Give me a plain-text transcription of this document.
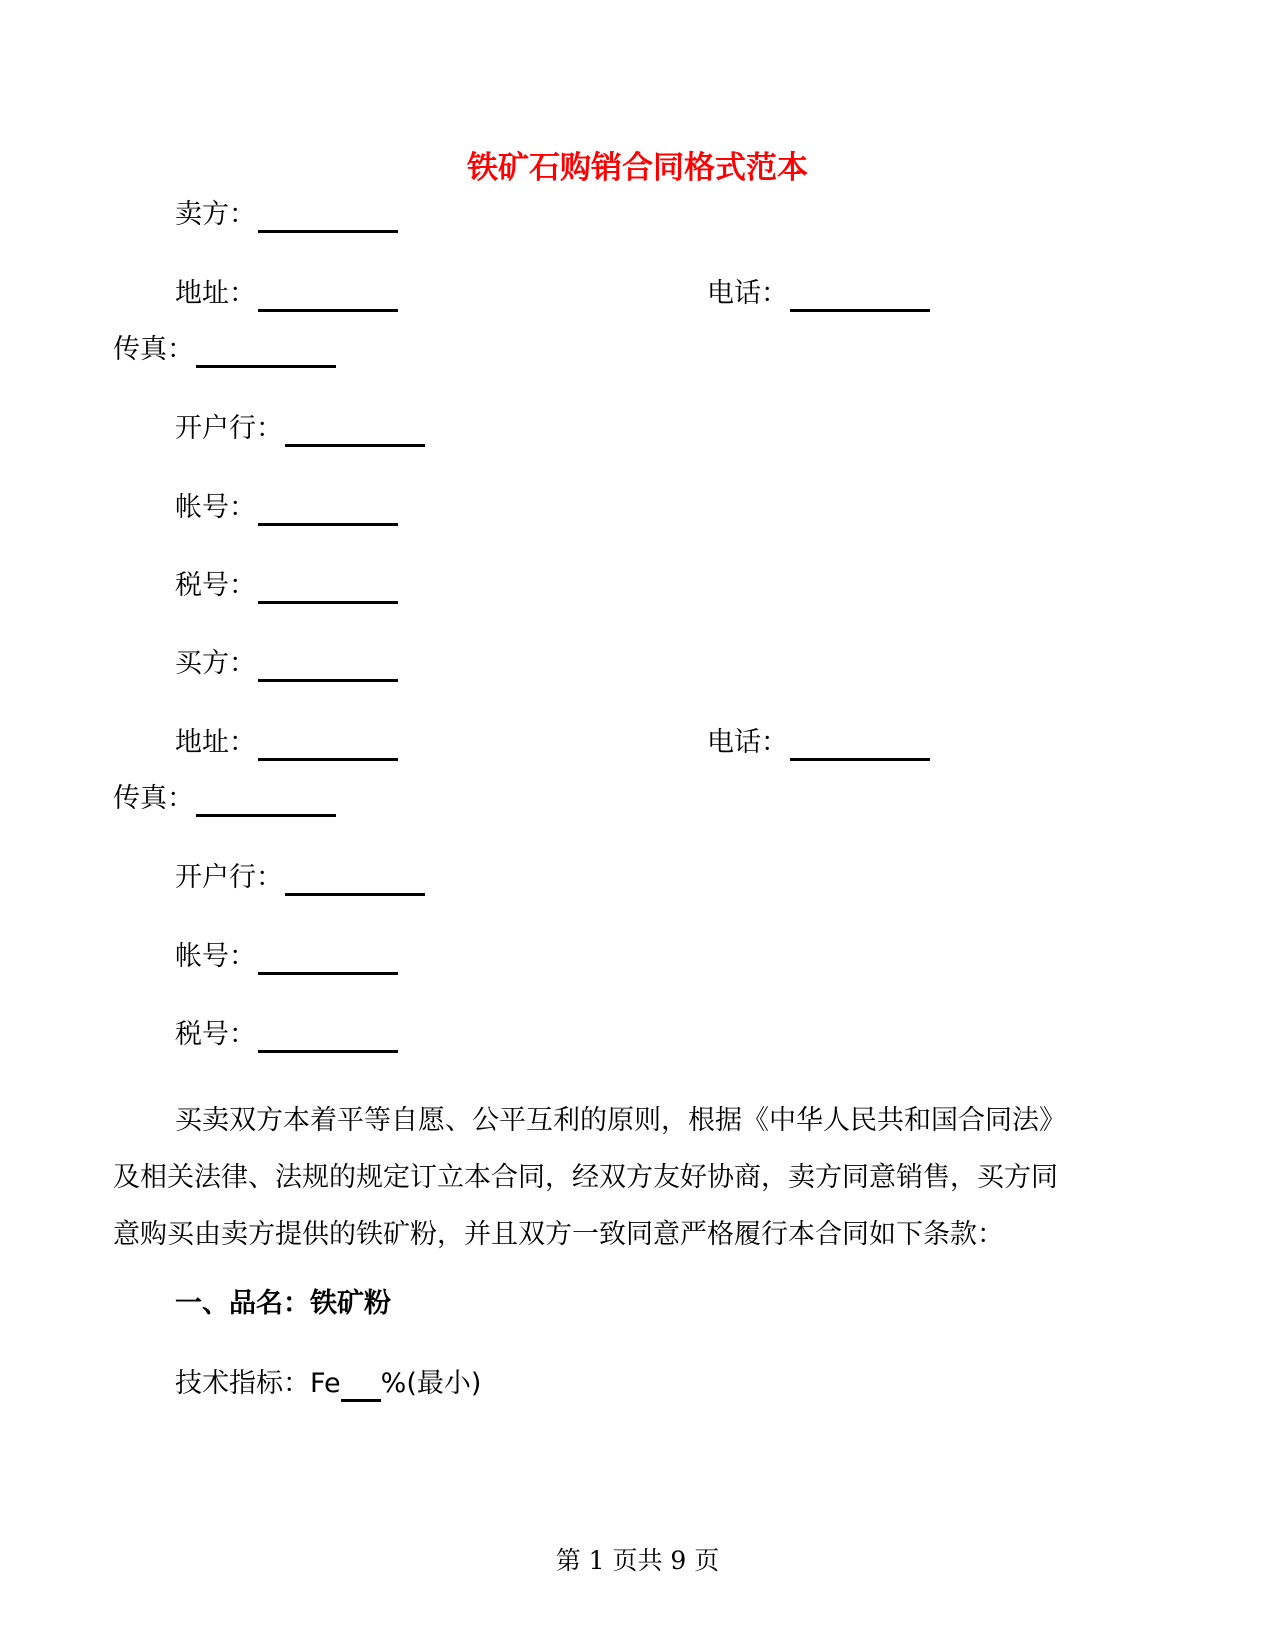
铁矿石购销合同格式范本
卖方：
地址：	电话：
传真：
开户行：
帐号：
税号：
买方：
地址：	电话：
传真：
开户行：
帐号：
税号：
买卖双方本着平等自愿、公平互利的原则，根据《中华人民共和国合同法》
及相关法律、法规的规定订立本合同，经双方友好协商，卖方同意销售，买方同
意购买由卖方提供的铁矿粉，并且双方一致同意严格履行本合同如下条款：
一、品名：铁矿粉
技术指标：Fe %(最小)
第 1 页共 9 页
